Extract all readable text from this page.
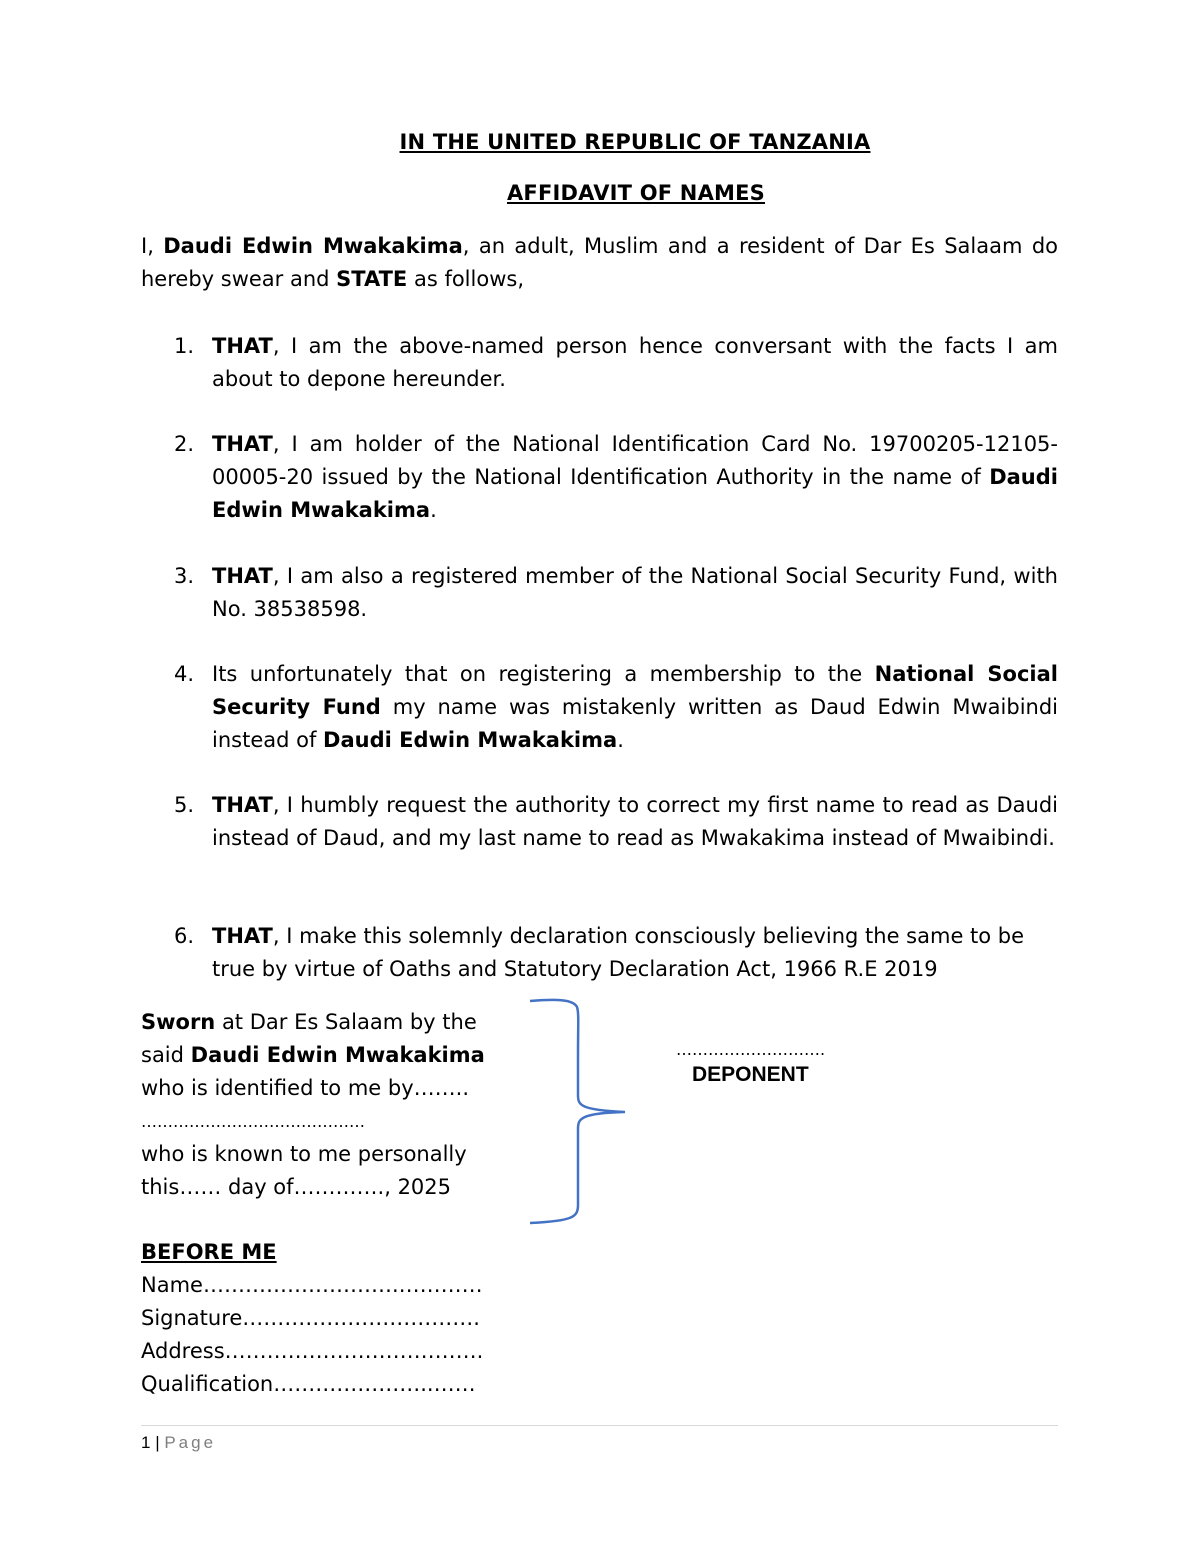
IN THE UNITED REPUBLIC OF TANZANIA
AFFIDAVIT OF NAMES
I, Daudi Edwin Mwakakima, an adult, Muslim and a resident of Dar Es Salaam do hereby swear and STATE as follows,
1. THAT, I am the above-named person hence conversant with the facts I am about to depone hereunder.
2. THAT, I am holder of the National Identification Card No. 19700205-12105-00005-20 issued by the National Identification Authority in the name of Daudi Edwin Mwakakima.
3. THAT, I am also a registered member of the National Social Security Fund, with No. 38538598.
4. Its unfortunately that on registering a membership to the National Social Security Fund my name was mistakenly written as Daud Edwin Mwaibindi instead of Daudi Edwin Mwakakima.
5. THAT, I humbly request the authority to correct my first name to read as Daudi instead of Daud, and my last name to read as Mwakakima instead of Mwaibindi.
6. THAT, I make this solemnly declaration consciously believing the same to be true by virtue of Oaths and Statutory Declaration Act, 1966 R.E 2019
Sworn at Dar Es Salaam by the
said Daudi Edwin Mwakakima
who is identified to me by……..
……………………………………
who is known to me personally
this…… day of…………., 2025
……………………….
DEPONENT
BEFORE ME
Name……………………….…………
Signature…………………………….
Address……………………………….
Qualification…………………..……
1 | Page
